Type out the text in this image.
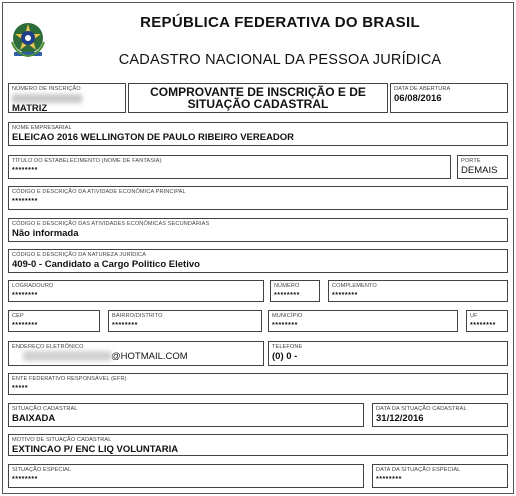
REPÚBLICA FEDERATIVA DO BRASIL
CADASTRO NACIONAL DA PESSOA JURÍDICA
NÚMERO DE INSCRIÇÃO
MATRIZ
COMPROVANTE DE INSCRIÇÃO E DE SITUAÇÃO CADASTRAL
DATA DE ABERTURA
06/08/2016
NOME EMPRESARIAL
ELEICAO 2016 WELLINGTON DE PAULO RIBEIRO VEREADOR
TÍTULO DO ESTABELECIMENTO (NOME DE FANTASIA)
********
PORTE
DEMAIS
CÓDIGO E DESCRIÇÃO DA ATIVIDADE ECONÔMICA PRINCIPAL
********
CÓDIGO E DESCRIÇÃO DAS ATIVIDADES ECONÔMICAS SECUNDÁRIAS
Não informada
CÓDIGO E DESCRIÇÃO DA NATUREZA JURÍDICA
409-0 - Candidato a Cargo Politico Eletivo
LOGRADOURO
********
NÚMERO
********
COMPLEMENTO
********
CEP
********
BAIRRO/DISTRITO
********
MUNICÍPIO
********
UF
********
ENDEREÇO ELETRÔNICO
@HOTMAIL.COM
TELEFONE
(0) 0 -
ENTE FEDERATIVO RESPONSÁVEL (EFR)
*****
SITUAÇÃO CADASTRAL
BAIXADA
DATA DA SITUAÇÃO CADASTRAL
31/12/2016
MOTIVO DE SITUAÇÃO CADASTRAL
EXTINCAO P/ ENC LIQ VOLUNTARIA
SITUAÇÃO ESPECIAL
********
DATA DA SITUAÇÃO ESPECIAL
********
